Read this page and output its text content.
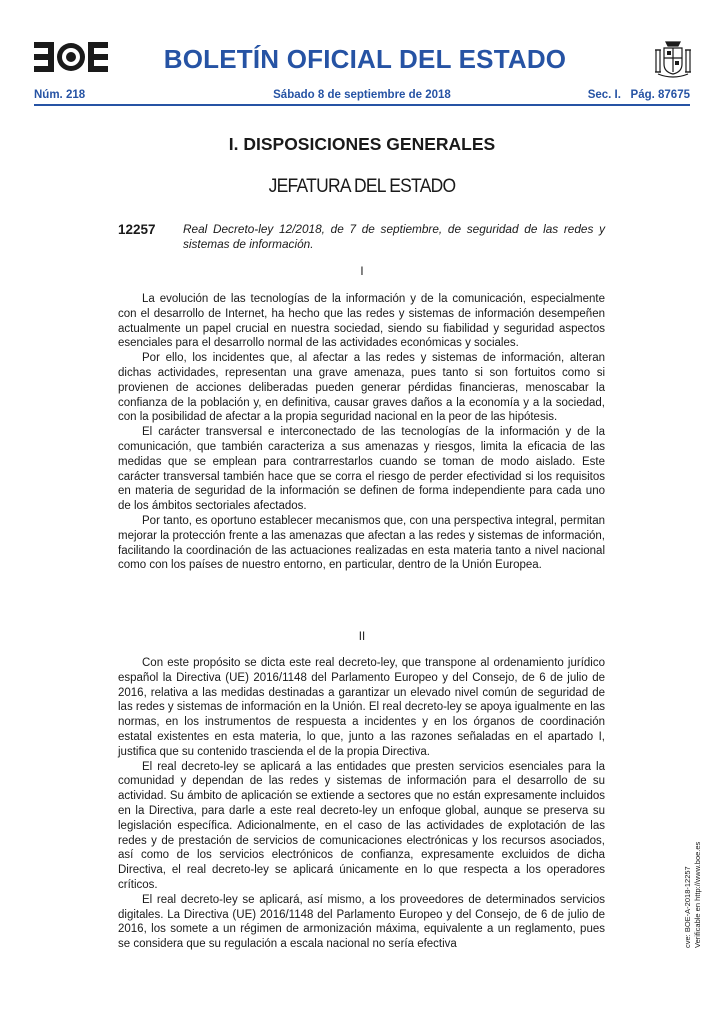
BOLETÍN OFICIAL DEL ESTADO
Núm. 218	Sábado 8 de septiembre de 2018	Sec. I.   Pág. 87675
I. DISPOSICIONES GENERALES
JEFATURA DEL ESTADO
12257 Real Decreto-ley 12/2018, de 7 de septiembre, de seguridad de las redes y sistemas de información.
I

La evolución de las tecnologías de la información y de la comunicación, especialmente con el desarrollo de Internet, ha hecho que las redes y sistemas de información desempeñen actualmente un papel crucial en nuestra sociedad, siendo su fiabilidad y seguridad aspectos esenciales para el desarrollo normal de las actividades económicas y sociales.

Por ello, los incidentes que, al afectar a las redes y sistemas de información, alteran dichas actividades, representan una grave amenaza, pues tanto si son fortuitos como si provienen de acciones deliberadas pueden generar pérdidas financieras, menoscabar la confianza de la población y, en definitiva, causar graves daños a la economía y a la sociedad, con la posibilidad de afectar a la propia seguridad nacional en la peor de las hipótesis.

El carácter transversal e interconectado de las tecnologías de la información y de la comunicación, que también caracteriza a sus amenazas y riesgos, limita la eficacia de las medidas que se emplean para contrarrestarlos cuando se toman de modo aislado. Este carácter transversal también hace que se corra el riesgo de perder efectividad si los requisitos en materia de seguridad de la información se definen de forma independiente para cada uno de los ámbitos sectoriales afectados.

Por tanto, es oportuno establecer mecanismos que, con una perspectiva integral, permitan mejorar la protección frente a las amenazas que afectan a las redes y sistemas de información, facilitando la coordinación de las actuaciones realizadas en esta materia tanto a nivel nacional como con los países de nuestro entorno, en particular, dentro de la Unión Europea.

II

Con este propósito se dicta este real decreto-ley, que transpone al ordenamiento jurídico español la Directiva (UE) 2016/1148 del Parlamento Europeo y del Consejo, de 6 de julio de 2016, relativa a las medidas destinadas a garantizar un elevado nivel común de seguridad de las redes y sistemas de información en la Unión. El real decreto-ley se apoya igualmente en las normas, en los instrumentos de respuesta a incidentes y en los órganos de coordinación estatal existentes en esta materia, lo que, junto a las razones señaladas en el apartado I, justifica que su contenido trascienda el de la propia Directiva.

El real decreto-ley se aplicará a las entidades que presten servicios esenciales para la comunidad y dependan de las redes y sistemas de información para el desarrollo de su actividad. Su ámbito de aplicación se extiende a sectores que no están expresamente incluidos en la Directiva, para darle a este real decreto-ley un enfoque global, aunque se preserva su legislación específica. Adicionalmente, en el caso de las actividades de explotación de las redes y de prestación de servicios de comunicaciones electrónicas y los recursos asociados, así como de los servicios electrónicos de confianza, expresamente excluidos de dicha Directiva, el real decreto-ley se aplicará únicamente en lo que respecta a los operadores críticos.

El real decreto-ley se aplicará, así mismo, a los proveedores de determinados servicios digitales. La Directiva (UE) 2016/1148 del Parlamento Europeo y del Consejo, de 6 de julio de 2016, los somete a un régimen de armonización máxima, equivalente a un reglamento, pues se considera que su regulación a escala nacional no sería efectiva	cve: BOE-A-2018-12257 Verificable en http://www.boe.es
